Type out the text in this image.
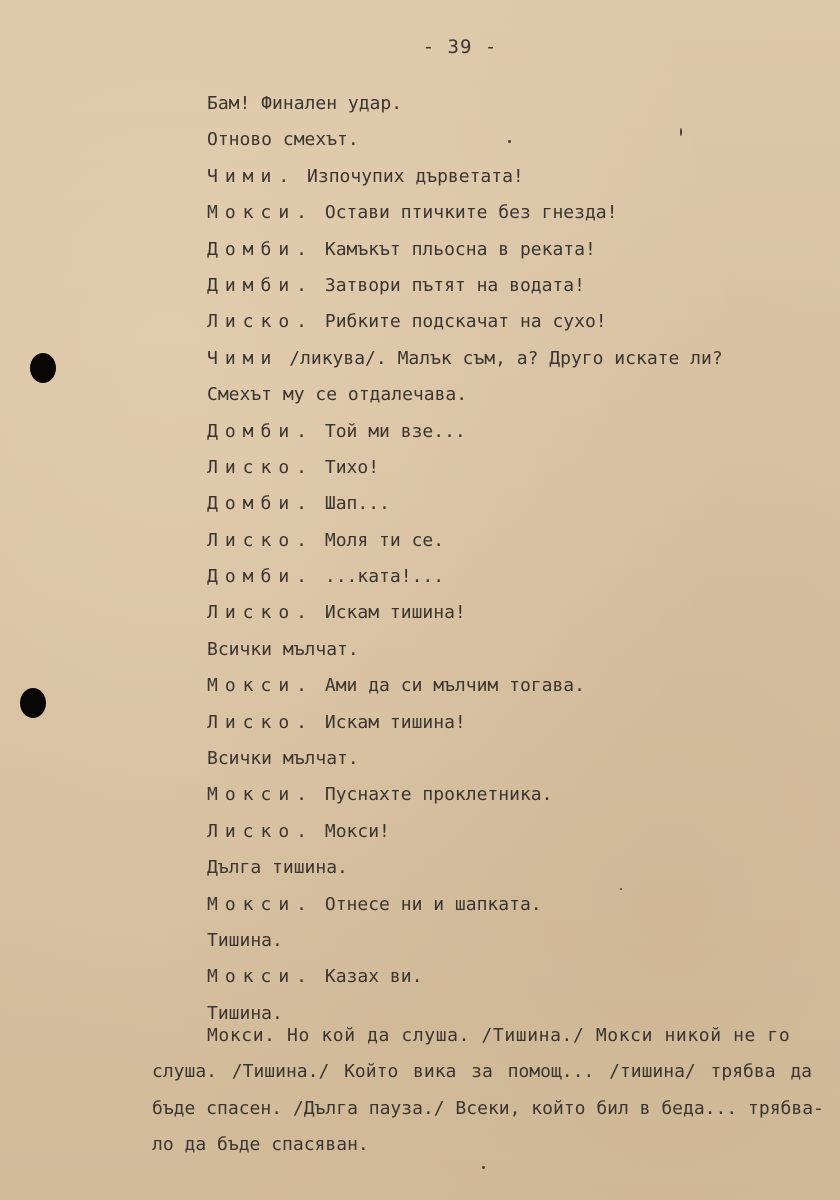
- 39 -
Бам! Финален удар.
Отново смехът.
Чими. Изпочупих дърветата!
Мокси. Остави птичките без гнезда!
Домби. Камъкът пльосна в реката!
Димби. Затвори пътят на водата!
Лиско. Рибките подскачат на сухо!
Чими /ликува/. Малък съм, а? Друго искате ли?
Смехът му се отдалечава.
Домби. Той ми взе...
Лиско. Тихо!
Домби. Шап...
Лиско. Моля ти се.
Домби. ...ката!...
Лиско. Искам тишина!
Всички мълчат.
Мокси. Ами да си мълчим тогава.
Лиско. Искам тишина!
Всички мълчат.
Мокси. Пуснахте проклетника.
Лиско. Мокси!
Дълга тишина.
Мокси. Отнесе ни и шапката.
Тишина.
Мокси. Казах ви.
Тишина.
Мокси. Но кой да слуша. /Тишина./ Мокси никой не го
слуша. /Тишина./ Който вика за помощ... /тишина/ трябва да
бъде спасен. /Дълга пауза./ Всеки, който бил в беда... трябва-
ло да бъде спасяван.
